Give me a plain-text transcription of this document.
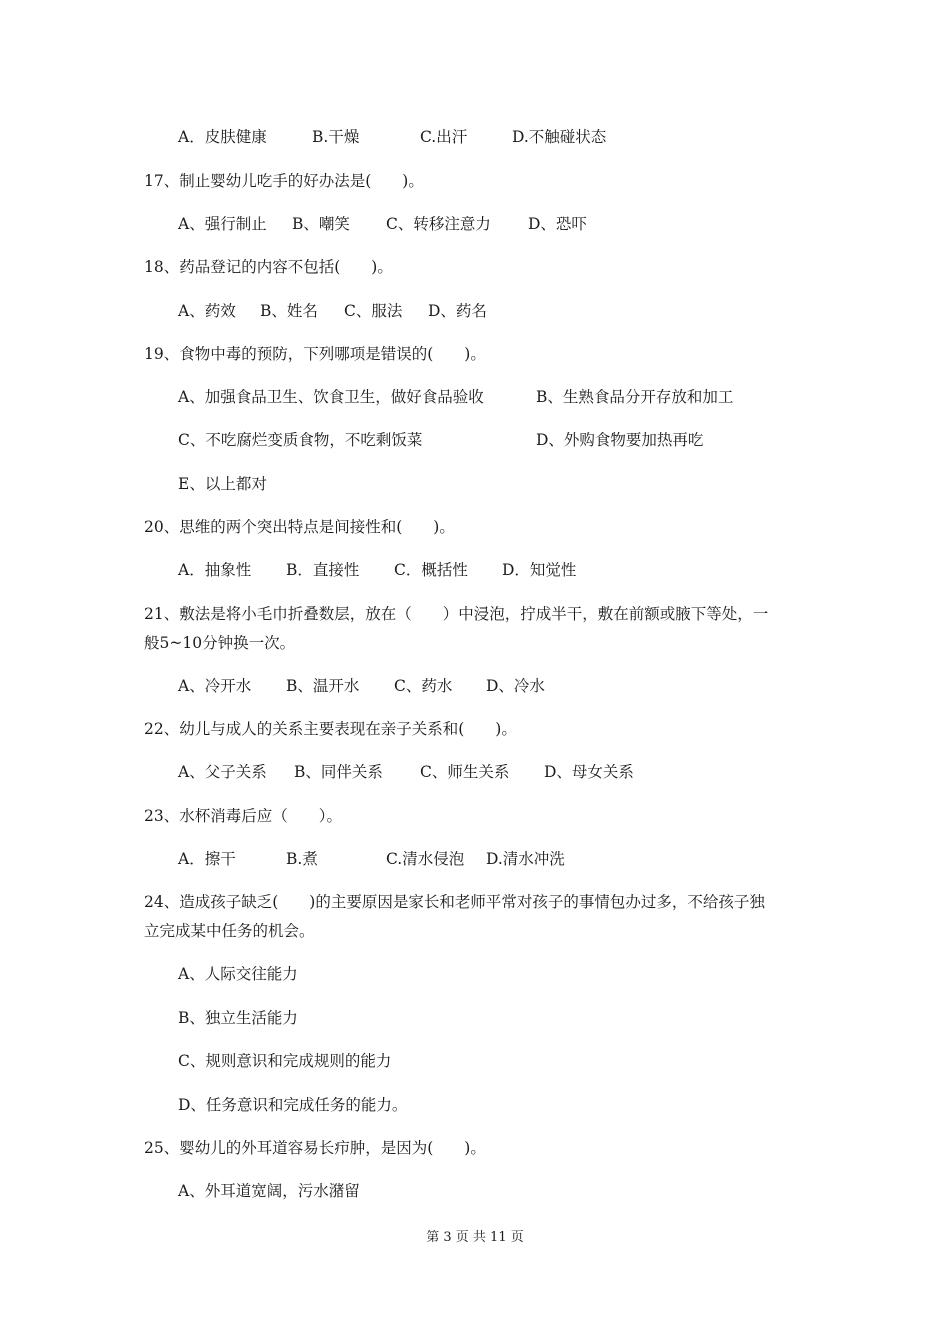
A．皮肤健康	B.干燥	C.出汗	D.不触碰状态
17、制止婴幼儿吃手的好办法是(　　)。
A、强行制止 B、嘲笑 C、转移注意力 D、恐吓
18、药品登记的内容不包括(　　)。
A、药效 B、姓名 C、服法 D、药名
19、食物中毒的预防，下列哪项是错误的(　　)。
A、加强食品卫生、饮食卫生，做好食品验收	B、生熟食品分开存放和加工
C、不吃腐烂变质食物，不吃剩饭菜	D、外购食物要加热再吃
E、以上都对
20、思维的两个突出特点是间接性和(　　)。
A．抽象性 B．直接性 C．概括性 D．知觉性
21、敷法是将小毛巾折叠数层，放在（　　）中浸泡，拧成半干，敷在前额或腋下等处，一
般5~10分钟换一次。
A、冷开水 B、温开水 C、药水 D、冷水
22、幼儿与成人的关系主要表现在亲子关系和(　　)。
A、父子关系 B、同伴关系 C、师生关系 D、母女关系
23、水杯消毒后应（　　）。
A．擦干	B.煮	C.清水侵泡 D.清水冲洗
24、造成孩子缺乏(　　)的主要原因是家长和老师平常对孩子的事情包办过多，不给孩子独
立完成某中任务的机会。
A、人际交往能力
B、独立生活能力
C、规则意识和完成规则的能力
D、任务意识和完成任务的能力。
25、婴幼儿的外耳道容易长疖肿，是因为(　　)。
A、外耳道宽阔，污水潴留
第 3 页 共 11 页
